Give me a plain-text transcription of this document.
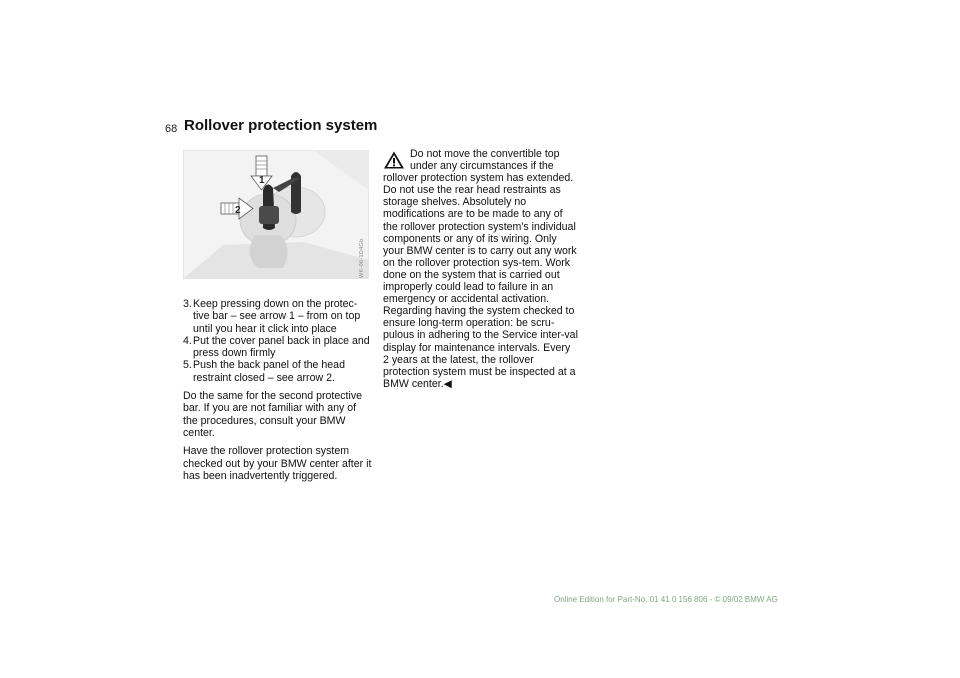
68 Rollover protection system
1
2
WK-06-1D4Gb
3. Keep pressing down on the protec-tive bar – see arrow 1 – from on top until you hear it click into place
4. Put the cover panel back in place and press down firmly
5. Push the back panel of the head restraint closed – see arrow 2.

Do the same for the second protective bar. If you are not familiar with any of the procedures, consult your BMW center.

Have the rollover protection system checked out by your BMW center after it has been inadvertently triggered.

Do not move the convertible top
under any circumstances if the
rollover protection system has extended. Do not use the rear head restraints as storage shelves. Absolutely no modifications are to be made to any of the rollover protection system's individual components or any of its wiring. Only your BMW center is to carry out any work on the rollover protection sys-tem. Work done on the system that is carried out improperly could lead to failure in an emergency or accidental activation. Regarding having the system checked to ensure long-term operation: be scru-pulous in adhering to the Service inter-val display for maintenance intervals. Every 2 years at the latest, the rollover protection system must be inspected at a BMW center.◀

Online Edition for Part-No. 01 41 0 156 806 - © 09/02 BMW AG
